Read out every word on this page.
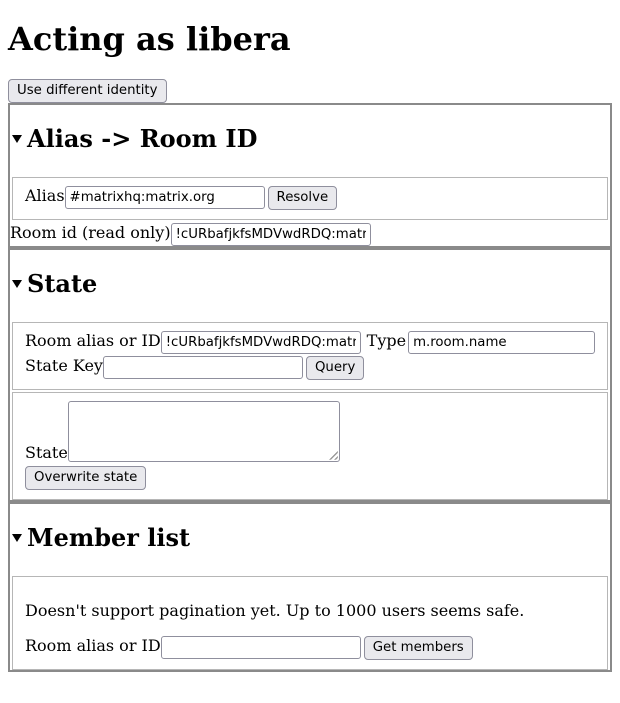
Acting as libera
Use different identity
Alias -> Room ID
Alias
#matrixhq:matrix.org	Resolve
Room id (read only)
!cURbafjkfsMDVwdRDQ:matrix.
State
Room alias or ID
!cURbafjkfsMDVwdRDQ:matrix.	Type
m.room.name
State Key	Query
State
Overwrite state
Member list

Doesn't support pagination yet. Up to 1000 users seems safe.

Room alias or ID	Get members
